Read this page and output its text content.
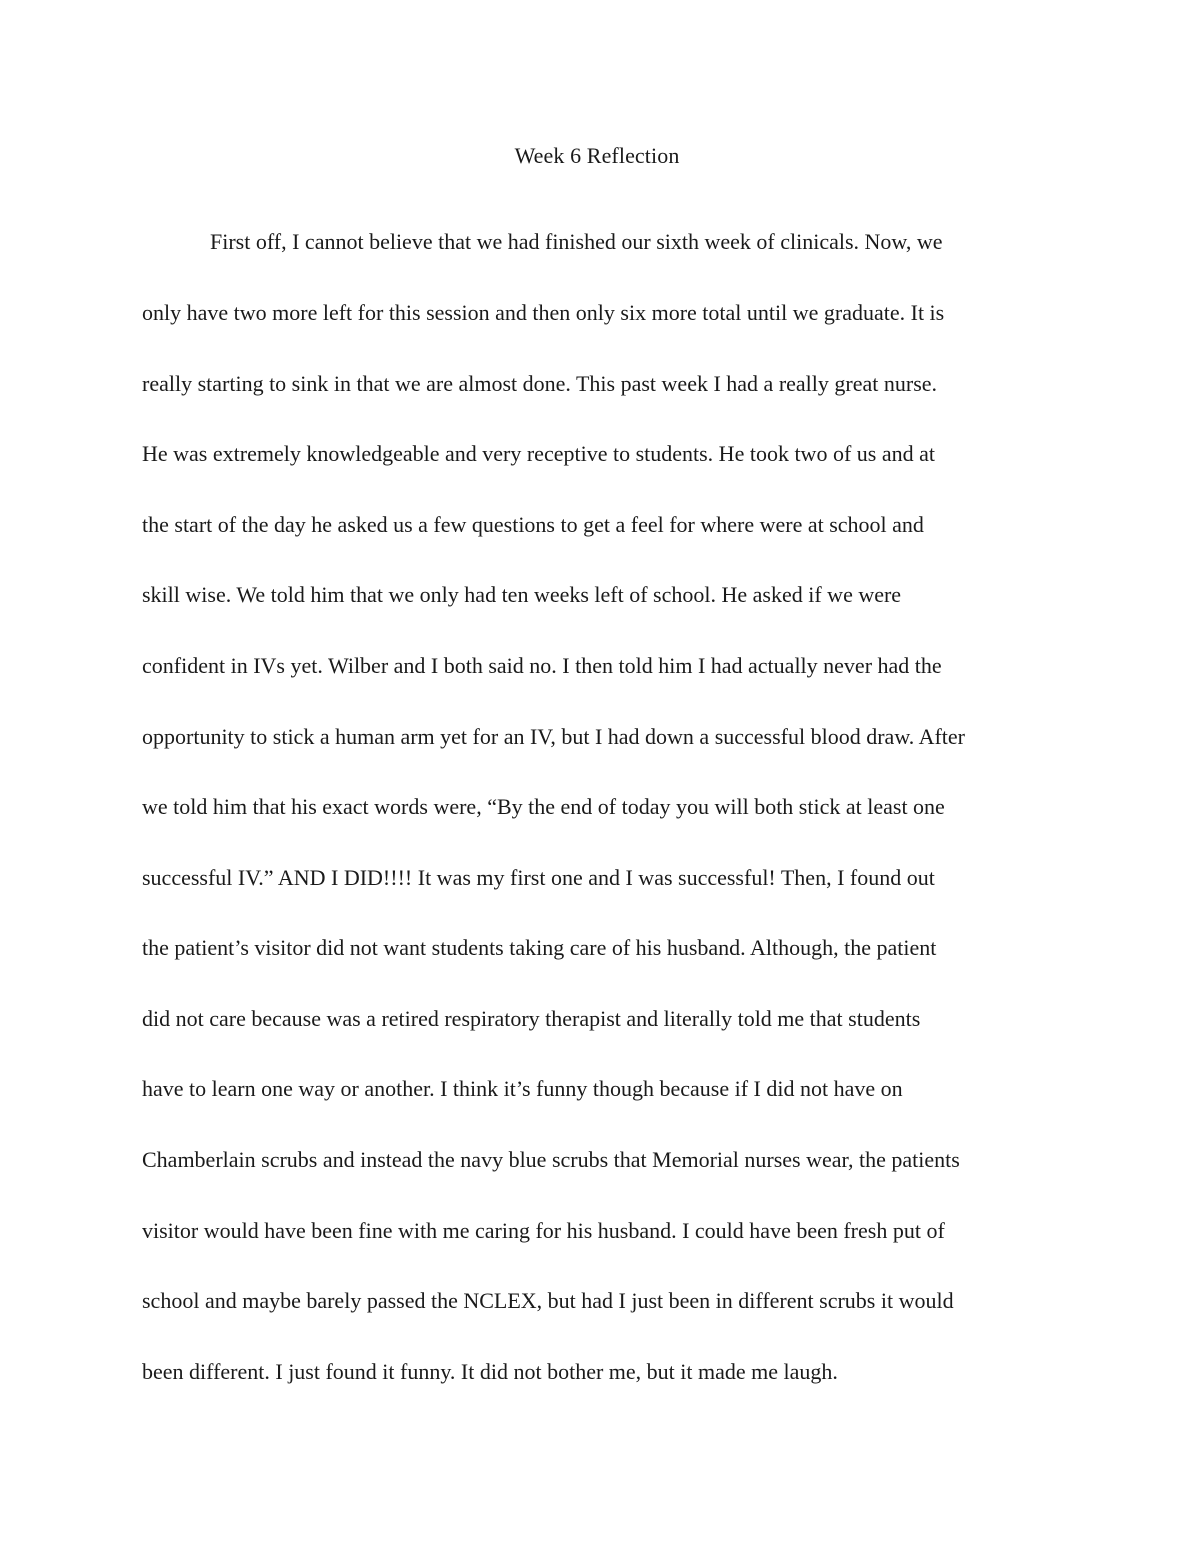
Week 6 Reflection
First off, I cannot believe that we had finished our sixth week of clinicals. Now, we
only have two more left for this session and then only six more total until we graduate. It is
really starting to sink in that we are almost done. This past week I had a really great nurse.
He was extremely knowledgeable and very receptive to students. He took two of us and at
the start of the day he asked us a few questions to get a feel for where were at school and
skill wise. We told him that we only had ten weeks left of school. He asked if we were
confident in IVs yet. Wilber and I both said no. I then told him I had actually never had the
opportunity to stick a human arm yet for an IV, but I had down a successful blood draw. After
we told him that his exact words were, “By the end of today you will both stick at least one
successful IV.” AND I DID!!!! It was my first one and I was successful! Then, I found out
the patient’s visitor did not want students taking care of his husband. Although, the patient
did not care because was a retired respiratory therapist and literally told me that students
have to learn one way or another. I think it’s funny though because if I did not have on
Chamberlain scrubs and instead the navy blue scrubs that Memorial nurses wear, the patients
visitor would have been fine with me caring for his husband. I could have been fresh put of
school and maybe barely passed the NCLEX, but had I just been in different scrubs it would
been different. I just found it funny. It did not bother me, but it made me laugh.
